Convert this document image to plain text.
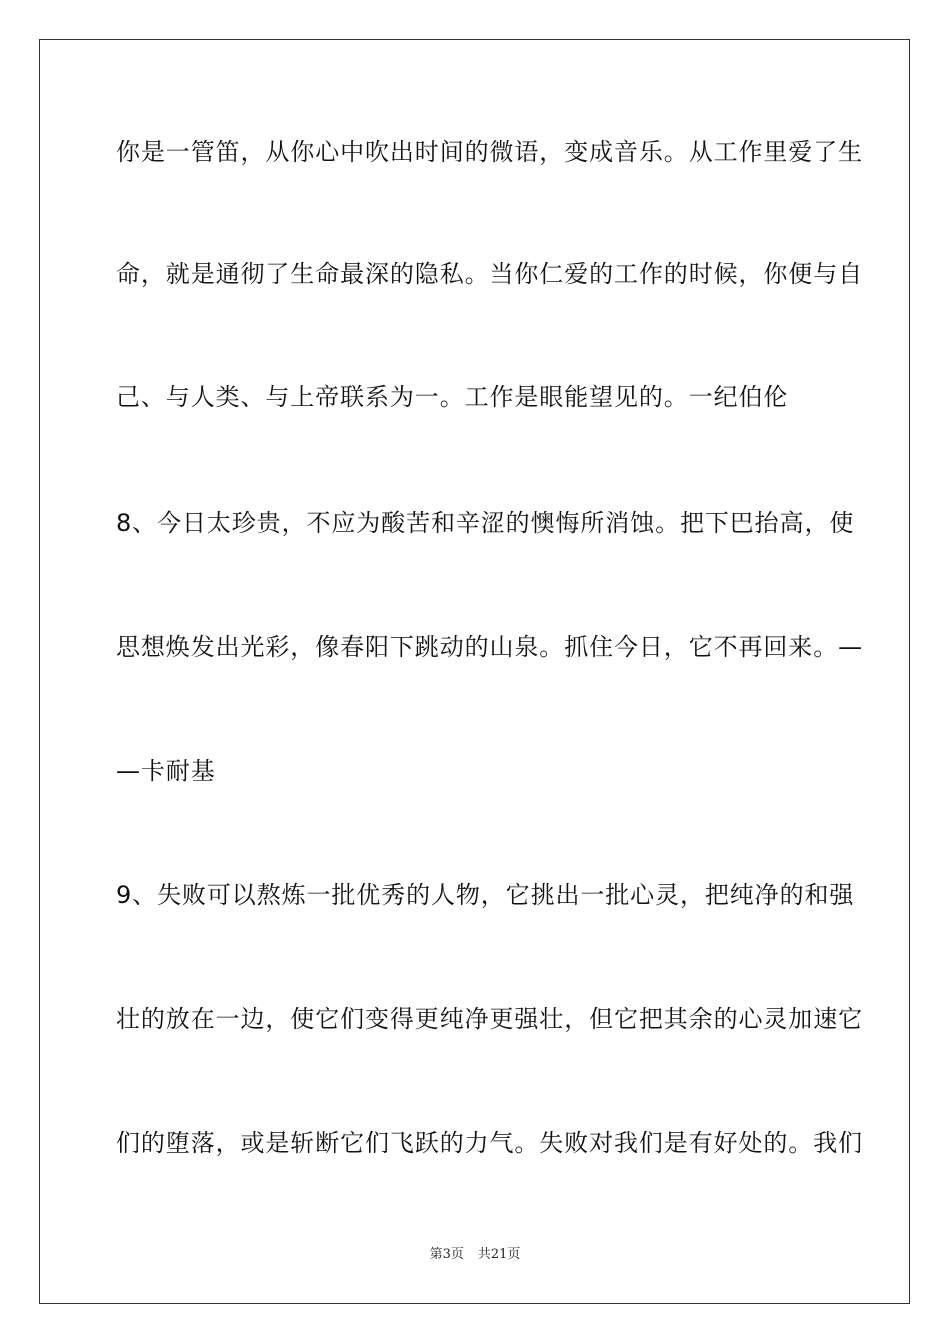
你是一管笛，从你心中吹出时间的微语，变成音乐。从工作里爱了生
命，就是通彻了生命最深的隐私。当你仁爱的工作的时候，你便与自
己、与人类、与上帝联系为一。工作是眼能望见的。一纪伯伦
8、今日太珍贵，不应为酸苦和辛涩的懊悔所消蚀。把下巴抬高，使
思想焕发出光彩，像春阳下跳动的山泉。抓住今日，它不再回来。—
—卡耐基
9、失败可以熬炼一批优秀的人物，它挑出一批心灵，把纯净的和强
壮的放在一边，使它们变得更纯净更强壮，但它把其余的心灵加速它
们的堕落，或是斩断它们飞跃的力气。失败对我们是有好处的。我们
第3页 共21页
